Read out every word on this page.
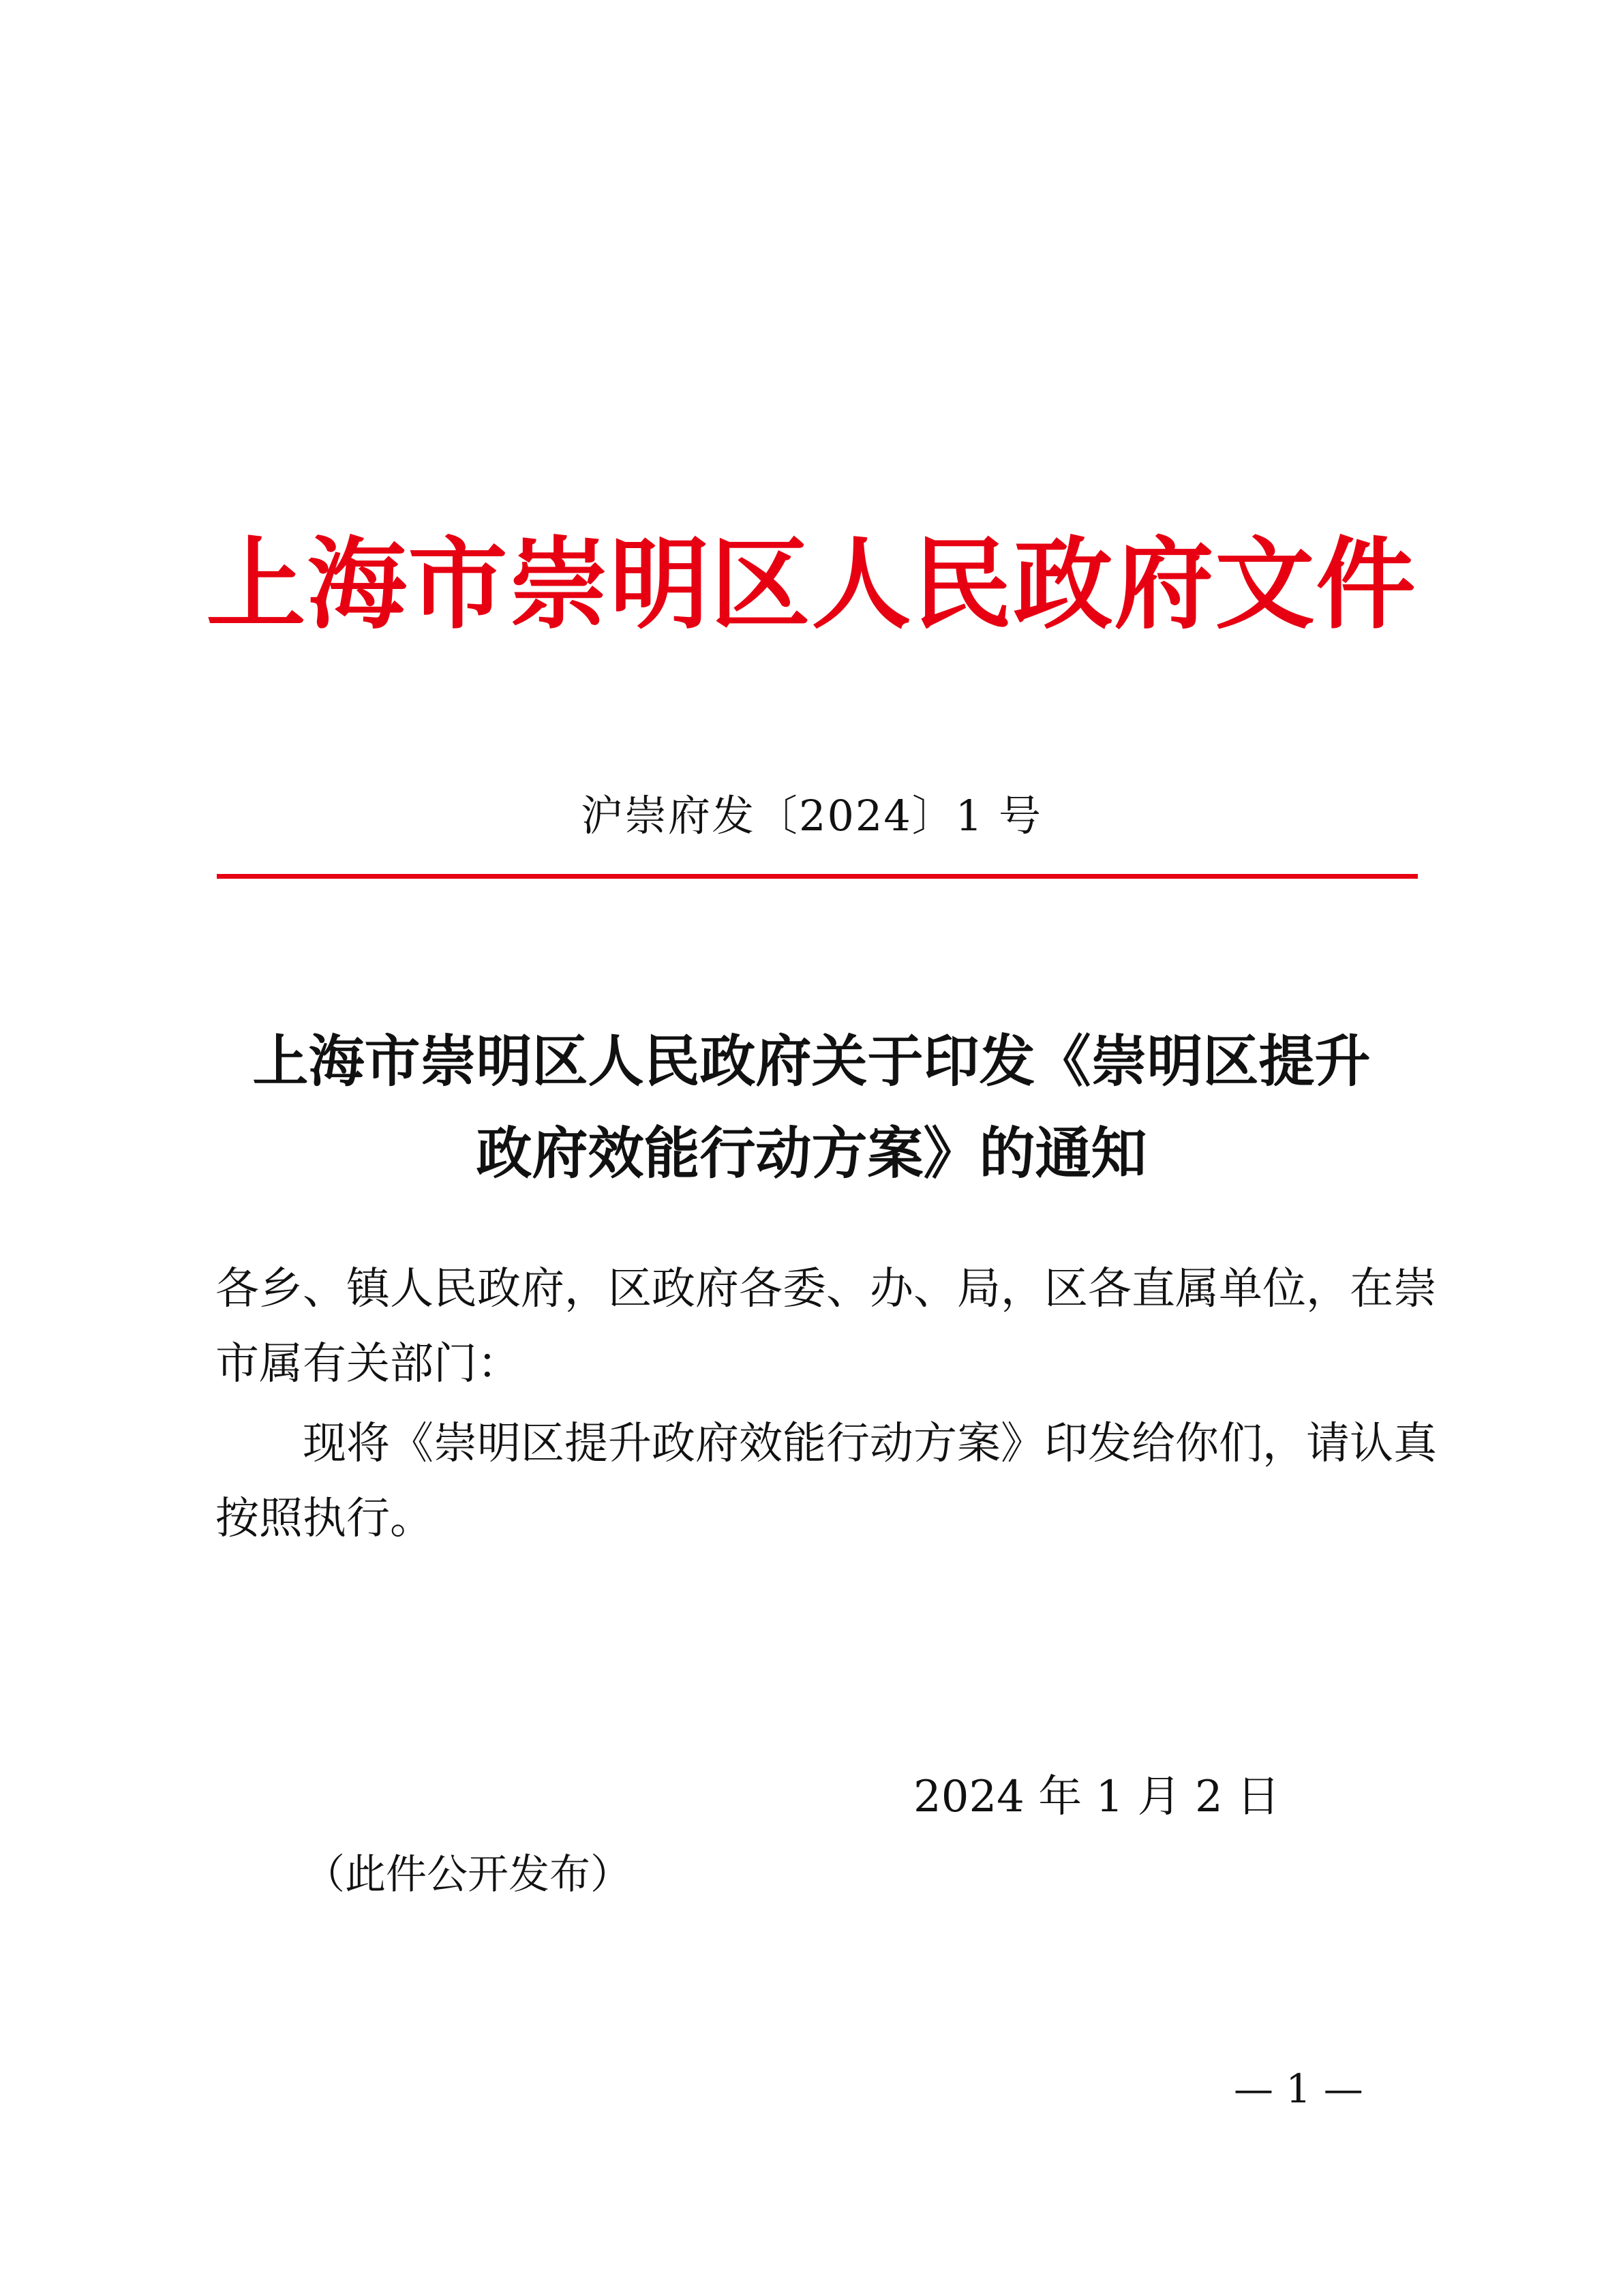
上海市崇明区人民政府文件
沪崇府发〔2024〕1 号
上海市崇明区人民政府关于印发《崇明区提升
政府效能行动方案》的通知
各乡、镇人民政府，区政府各委、办、局，区各直属单位，在崇
市属有关部门：
现将《崇明区提升政府效能行动方案》印发给你们，请认真
按照执行。
2024 年 1 月 2 日
（此件公开发布）
— 1 —
